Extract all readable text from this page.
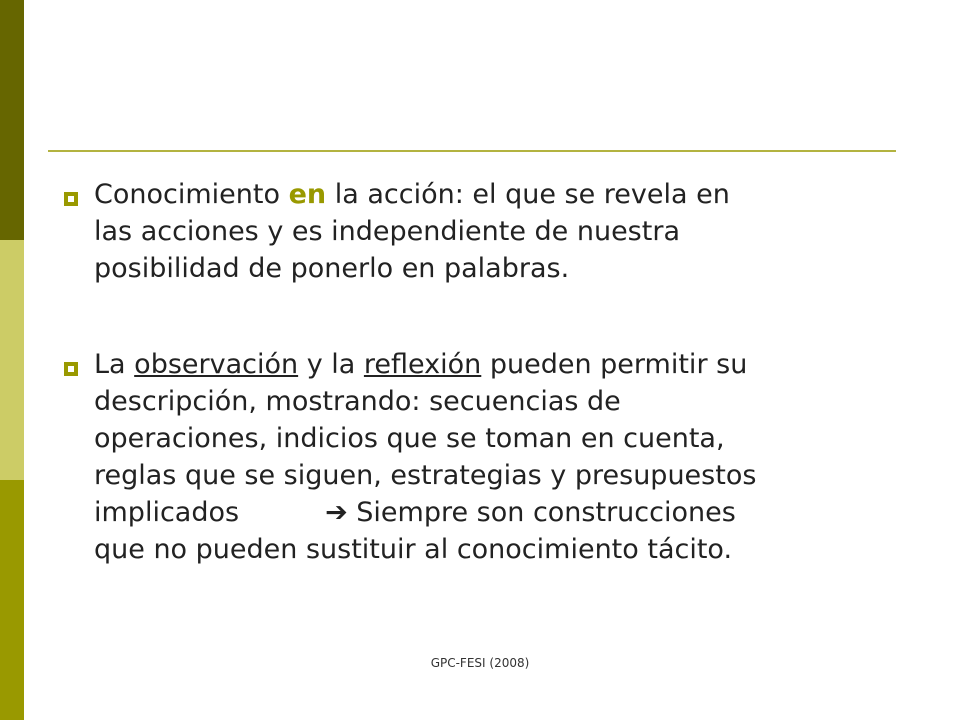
Conocimiento en la acción: el que se revela en
las acciones y es independiente de nuestra
posibilidad de ponerlo en palabras.
La observación y la reflexión pueden permitir su
descripción, mostrando: secuencias de
operaciones, indicios que se toman en cuenta,
reglas que se siguen, estrategias y presupuestos
implicados	➔ Siempre son construcciones
que no pueden sustituir al conocimiento tácito.
GPC-FESI (2008)
